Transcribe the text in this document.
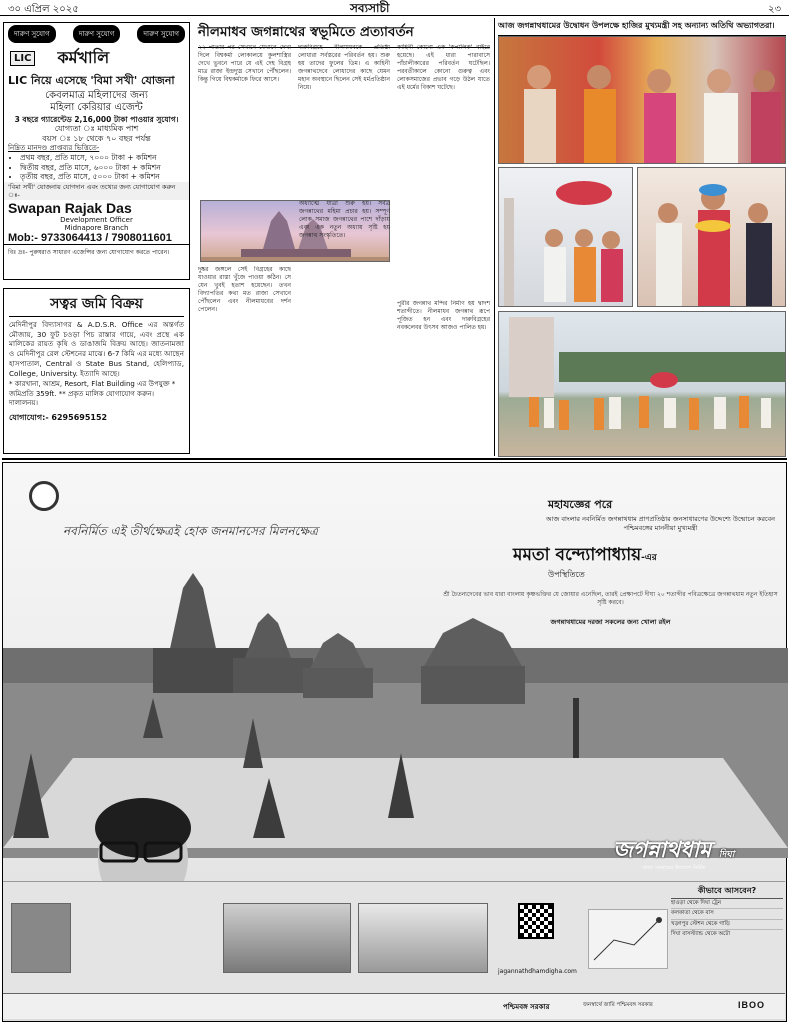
৩০ এপ্রিল ২০২৫	সব্যসাচী	২৩
দারুণ সুযোগ	দারুণ সুযোগ	দারুণ সুযোগ
LIC কর্মখালি
LIC নিয়ে এসেছে 'বিমা সখী' যোজনা
কেবলমাত্র মহিলাদের জন্য
মহিলা কেরিয়ার এজেন্ট
3 বছরে গ্যারেন্টেড 2,16,000 টাকা পাওয়ার সুযোগ।
যোগ্যতা ঃ মাধ্যমিক পাশ
বয়স ঃ ১৮ থেকে ৭০ বছর পর্যন্ত
নিম্নিত মানদণ্ড প্রাপ্তব্যর ভিত্তিতে-
• প্রথম বছর, প্রতি মাসে, ৭০০০ টাকা + কমিশন
• দ্বিতীয় বছর, প্রতি মাসে, ৬০০০ টাকা + কমিশন
• তৃতীয় বছর, প্রতি মাসে, ৫০০০ টাকা + কমিশন
'বিমা সখী' যোজনায় যোগদান এবং তথ্যের জন্য যোগাযোগ করুন ঃ-
Swapan Rajak Das
Development Officer
Midnapore Branch
Mob:- 9733064413 / 7908011601
বিঃ দ্রঃ- পুরুষরাও সাধারণ এজেন্সির জন্য যোগাযোগ করতে পারেন।
সত্বর জমি বিক্রয়
মেদিনীপুর বিদ্যাসাগর & A.D.S.R. Office এর অন্তর্গত মৌজায়, 30 ফুট চওড়া পিচ রাস্তার গায়ে, এবং প্রস্থে এক মালিকের রায়ত কৃষি ও ডাঙাজমি বিক্রয় আছে। জাতনামজা ও মেদিনীপুর রেল স্টেশনের মাঝে। 6-7 কিমি এর মধ্যে আছেন হাসপাতাল, Central ও State Bus Stand, হেলিপ্যাড, College, University. ইত্যাদি আছে।
* কারখানা, আশ্রম, Resort, Flat Building এর উপযুক্ত * জমিপ্রতি 359ft. ** প্রকৃত মালিক যোগাযোগ করুন। দালালনয়।
যোগাযোগ:- 6295695152
নীলমাধব জগন্নাথের স্বভূমিতে প্রত্যাবর্তন
২২ পাতার পর সেখানে যেখানে দেখা দিলে বিশ্বকর্মা লোকালয়ে কুলশাস্ত্রির দেখে ভুবনে পারে যে এই দেহ বিগ্রহ মাত্র রাজা ইন্দ্রদ্যুম্ন সেখানে পৌঁছলেন। কিন্তু গিয়ে বিশ্বকর্মাকে ফিরে আসে।
দারুবিগ্রহে নীলমাধবকে প্রতিষ্ঠা লোধারা সর্বস্তরের পরিবর্তন হয়। শুরু হয় তাদের ফুলের ডিম। এ কাহিনী জগন্নাথদেবে লোধাদের কাছে যেমন মহান অবস্থানে ছিলেন সেই ধর্মপ্রতিষ্ঠান নিয়ে।
কাহিনী কোনো এক 'কপালিক' বাইরে হয়েছে। এই ধারা পারাবাসে পাঁচালীকারের পরিবর্তন ঘটেছিল। পরবর্তীকালে কোনো গুরুত্ব এবং লোকসমাজের প্রভাব গড়ে উঠল যাতে এই ধর্মের বিকাশ ঘটেছে।
দুষ্কর জঙ্গলে সেই বিগ্রহের কাছে যাওয়ার রাস্তা খুঁজে পাওয়া কঠিন। সে যেন খুবই হতাশ হয়েছেন। তখন বিদ্যাপতির কথা মত রাজা সেখানে পৌঁছলেন এবং নীলমাধবের দর্শন পেলেন।
অধ্যাত্মে যাত্রা শুরু হয়। সর্বত্র জগন্নাথের মহিমা প্রচার হয়। সম্পূর্ণ লোক সমাজ জগন্নাথের পাশে দাঁড়ায় এবং এক নতুন অধ্যায় সৃষ্টি হয় জগন্নাথ সংস্কৃতিতে।
পুরীর জগন্নাথ মন্দির নির্মাণ হয় দ্বাদশ শতাব্দীতে। নীলমাধব জগন্নাথ রূপে পূজিত হন এবং দারুবিগ্রহের নবকলেবর উৎসব আজও পালিত হয়।
আজ জগন্নাথধামের উদ্বোধন উপলক্ষে হাজির মুখ্যমন্ত্রী সহ অন্যান্য অতিথি অভ্যাগতরা।
নবনির্মিত এই তীর্থক্ষেত্রই হোক জনমানসের মিলনক্ষেত্র
মহাযজ্ঞের পরে
আজ বাংলার নবনির্মিত জগন্নাথধাম প্রাণপ্রতিষ্ঠার জনসাধারণের উদ্দেশ্যে উন্মোচন করবেন পশ্চিমবঙ্গের মাননীয়া মুখ্যমন্ত্রী
মমতা বন্দ্যোপাধ্যায়-এর
উপস্থিতিতে
শ্রী চৈতন্যদেবের ভাব ধারা বাংলায় কৃষ্ণভক্তির যে জোয়ার এনেছিল, তারই প্রেক্ষাপটে দীঘা ২০ শতাব্দীর পবিত্রক্ষেত্রে জগন্নাথধাম নতুন ইতিহাস সৃষ্টি করবে।
জগন্নাথধামের দরজা সকলের জন্য খোলা রইল
জগন্নাথধাম দিঘা
রাজ্য সরকারের উদ্যোগে নির্মিত
jagannathdhamdigha.com
কীভাবে আসবেন?
হাওড়া থেকে দিঘা ট্রেন
কলকাতা থেকে বাস
খড়্গপুর স্টেশন থেকে গাড়ি
দিঘা বাসস্ট্যান্ড থেকে অটো
পশ্চিমবঙ্গ সরকার	জনস্বার্থে জারি পশ্চিমবঙ্গ সরকার	IBOO
